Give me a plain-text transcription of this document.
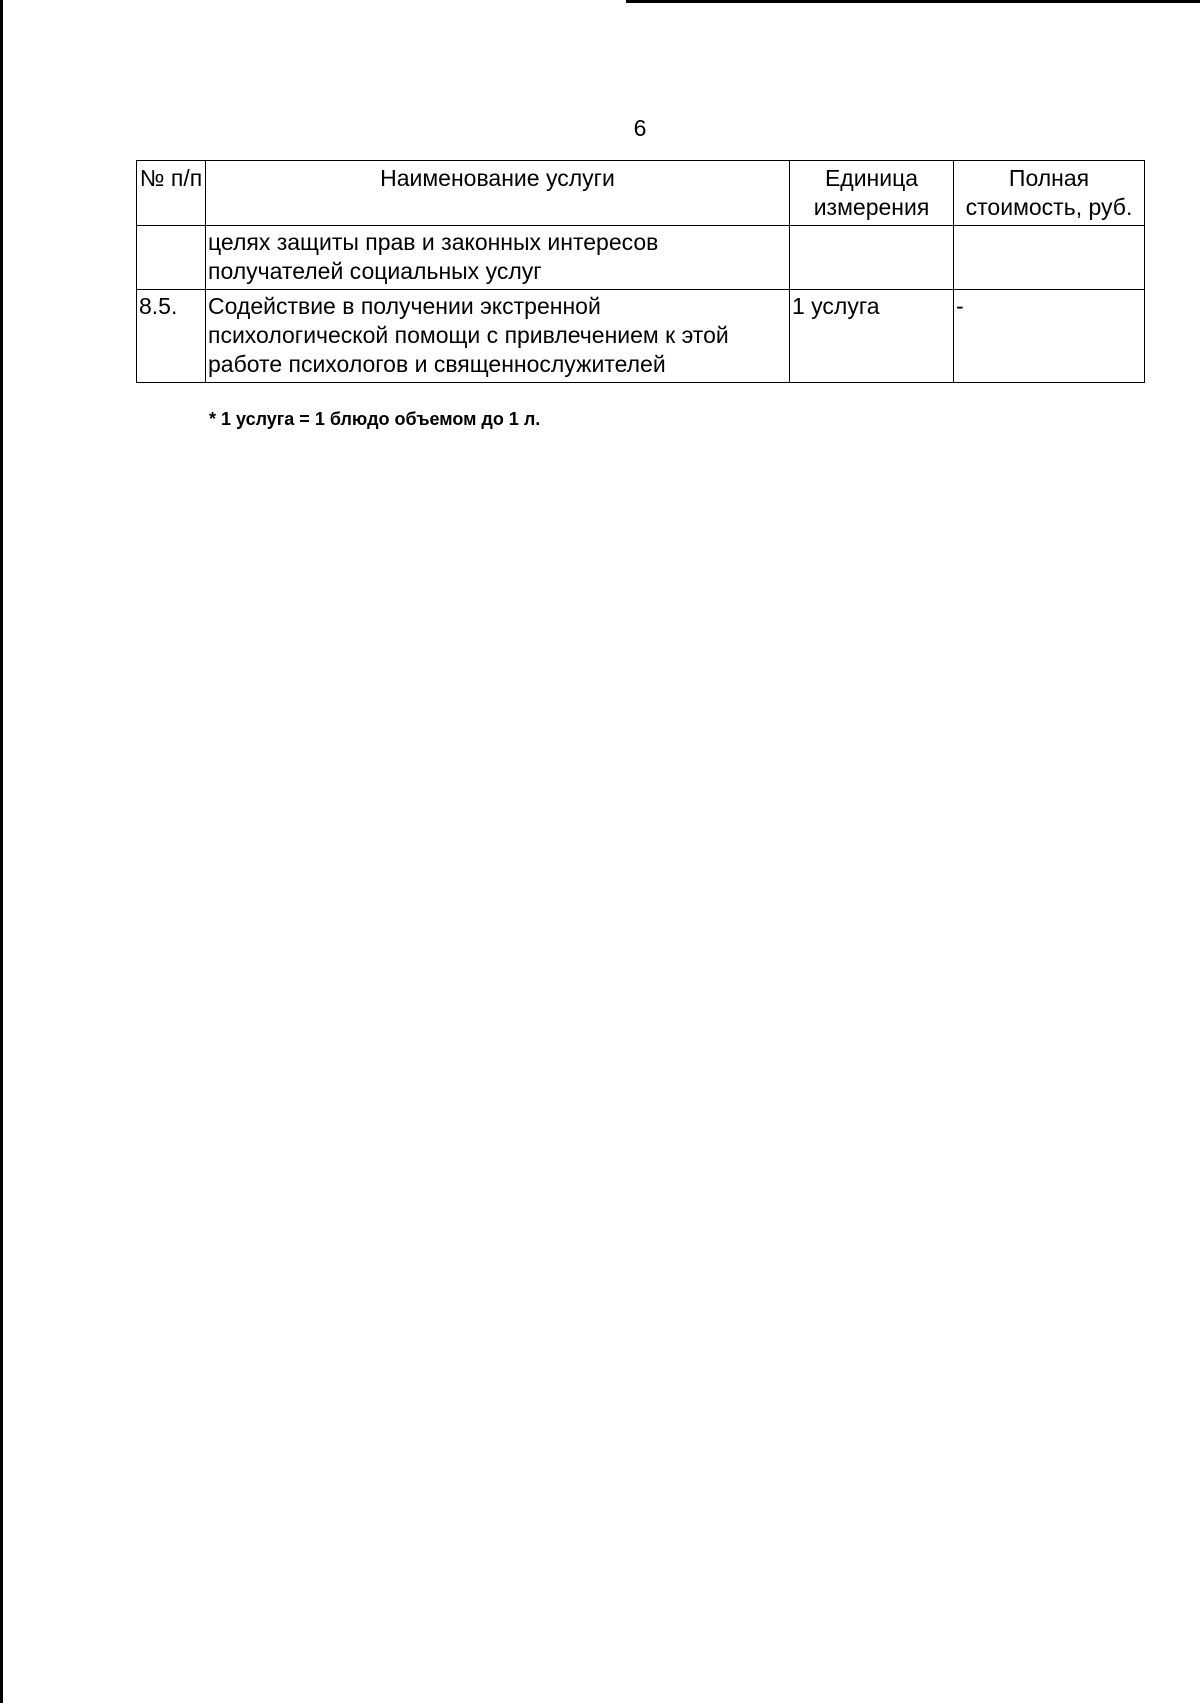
6
№ п/п	Наименование услуги	Единица измерения	Полная стоимость, руб.
	целях защиты прав и законных интересов получателей социальных услуг		
8.5.	Содействие в получении экстренной психологической помощи с привлечением к этой работе психологов и священнослужителей	1 услуга	-
* 1 услуга = 1 блюдо объемом до 1 л.
